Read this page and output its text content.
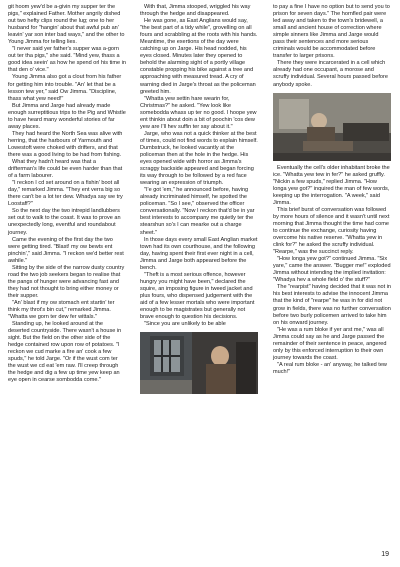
git hoom yew'd be a-givin my supper ter the pigs," explained Father. Mother angrily dished out two hefty clips round the lug; one to her husband for "hangin' about that awful pub an' leavin' yar son inter bad ways," and the other to Young Jimma for telling lies.

"I never said yer father's supper was a-gorn out ter tha pigs," she said. "Mind yew, thass a good idea seein' as how he spend orl his time in that den o' vice."

Young Jimma also got a clout from his father for getting him into trouble. "An' let that be a lesson tew yer," said Ow Jimma. "Discipline, thass what yew need!"

But Jimma and Jarge had already made enough surreptitious trips to the Pig and Whistle to have heard many wonderful stories of far away places.

They had heard the North Sea was alive with herring, that the harbours of Yarmouth and Lowestoft were choked with drifters, and that there was a good living to be had from fishing.

What they hadn't heard was that a drifterman's life could be even harder than that of a farm labourer.

"I reckon I cd set around on a fishin' boot all day," remarked Jimma. "They ent verra big so there can't be a lot ter dew. Whadya say we try Loostaff?"

So the next day the two intrepid landlubbers set out to walk to the coast. It was to prove an unexpectedly long, eventful and roundabout journey.

Came the evening of the first day the two were getting tired. "Blast! my ow bewts ent pinchin'," said Jimma. "I reckon we'd better rest awhile."

Sitting by the side of the narrow dusty country road the two job seekers began to realise that the pangs of hunger were advancing fast and they had not thought to bring either money or their supper.

"An' blast if my ow stomach ent startin' ter think my throt's bin cut," remarked Jimma. "Whatta we gorn ter dew fer wittals."

Standing up, he looked around at the deserted countryside. There wasn't a house in sight. But the field on the other side of the hedge contained row upon row of potatoes. "I reckon we cud marke a fire an' cook a few spuds," he told Jarge. "Or if the wust com ter the wust we cd eat 'em raw. I'll creep through the hedge and dig a few up time yew keep an eye open in cearse sombodda come."

With that, Jimma stooped, wriggled his way through the hedge and disappeared.

He was gone, as East Anglians would say, "the best part of a tidy while", grovelling on all fours and scrabbling at the roots with his hands. Meantime, the exertions of the day were catching up on Jarge. His head nodded, his eyes closed. Minutes later they opened to behold the alarming sight of a portly village constable propping his bike against a tree and approaching with measured tread. A cry of warning died in Jarge's throat as the policeman greeted him.

"Whatta yew settin hare wearin for, Christmas?" he asked. "Yew look like somebodda whass up ter no good. I hoope yew ent thinkin about doin a bit of poochin 'cos dew yew are I'll hev suffin ter say about it."

Jarge, who was not a quick thinker at the best of times, could not find words to explain himself. Dumbstruck, he looked vacantly at the policeman then at the hole in the hedge. His eyes opened wide with horror as Jimma's scraggy backside appeared and began forcing its way through to be followed by a red face wearing an expression of triumph.

"I'e got 'em," he announced before, having already incriminated himself, he spotted the policeman. "So I see," observed the officer conversationally. "Now I reckon that'd be in yar best interests to accompany me quietly ter the stearshun so's I can mearke out a charge sheet."

In those days every small East Anglian market town had its own courthouse, and the following day, having spent their first ever night in a cell, Jimma and Jarge both appeared before the bench.

"Theft is a most serious offence, however hungry you might have been," declared the squire, an imposing figure in tweed jacket and plus fours, who dispensed judgement with the aid of a few lesser mortals who were important enough to be magistrates but generally not brave enough to question his decisions.

"Since you are unlikely to be able

to pay a fine I have no option but to send you to prison for seven days." The hornfled pair were led away and taken to the town's bridewell, a small and ancient house of correction where simple sinners like Jimma and Jarge would pass their sentences and more serious criminals would be accommodated before transfer to larger prisons.

There they were incarcerated in a cell which already had one occupant, a morose and scruffy individual. Several hours passed before anybody spoke.

Eventually the cell's older inhabitant broke the ice. "Whatta yew tew in fer?" he asked gruffly. "Nickin a few spuds," replied Jimma. "How longa yew got?" inquired the man of few words, keeping up the interrogation. "A week," said Jimma.

This brief burst of conversation was followed by more hours of silence and it wasn't until next morning that Jimma thought the time had come to continue the exchange, curiosity having overcome his native reserve. "Whatta yew in clink for?" he asked the scruffy individual. "Rearpe," was the succinct reply.

"How longa yew got?" continued Jimma. "Six yare," came the answer. "Bugger me!" exploded Jimma without intending the implied invitation: "Whadya hev a whole field o' the stuff?"

The "rearpist" having decided that it was not in his best interests to advise the innocent Jimma that the kind of "rearpe" he was in for did not grow in fields, there was no further conversation before two burly policemen arrived to take him on his onward journey.

"He was a rum bloke if yer arst me," was all Jimma could say as he and Jarge passed the remainder of their sentence in peace, angered only by this enforced interruption to their own journey towards the coast.

"A real rum bloke - an' anyway, he talked tew much!"

19
